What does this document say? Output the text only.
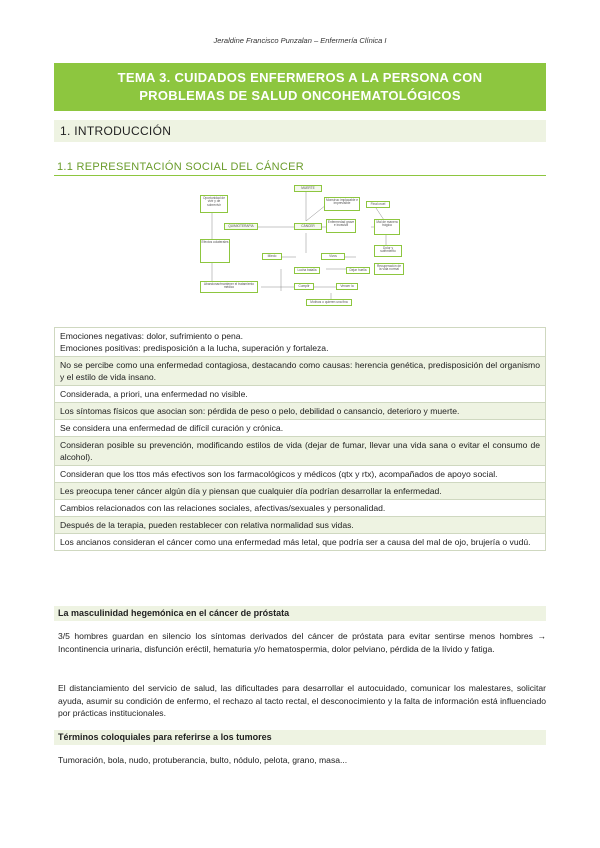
Jeraldine Francisco Punzalan – Enfermería Clínica I
TEMA 3. CUIDADOS ENFERMEROS A LA PERSONA CON
PROBLEMAS DE SALUD ONCOHEMATOLÓGICOS
1. INTRODUCCIÓN
1.1 REPRESENTACIÓN SOCIAL DEL CÁNCER
MUERTE
Oportunidad de vivir y de sobrevivir
QUIMIOTERAPIA	CÁNCER
Monstruo implacable e imprevisible	Final cruel
Enfermedad grave e invasiva
Mal de manera trágica
Efectos colaterales
Miedo	Vivos
Dolor y sufrimiento
Recuperación de la vida normal
Lucha batalla	Dejar huella
Abandonar/mantener el tratamiento médico	Cumplir	Vencer la
Motivos o quieren una fina
Emociones negativas: dolor, sufrimiento o pena.
Emociones positivas: predisposición a la lucha, superación y fortaleza.
No se percibe como una enfermedad contagiosa, destacando como causas: herencia genética, predisposición del organismo y el estilo de vida insano.
Considerada, a priori, una enfermedad no visible.
Los síntomas físicos que asocian son: pérdida de peso o pelo, debilidad o cansancio, deterioro y muerte.
Se considera una enfermedad de difícil curación y crónica.
Consideran posible su prevención, modificando estilos de vida (dejar de fumar, llevar una vida sana o evitar el consumo de alcohol).
Consideran que los ttos más efectivos son los farmacológicos y médicos (qtx y rtx), acompañados de apoyo social.
Les preocupa tener cáncer algún día y piensan que cualquier día podrían desarrollar la enfermedad.
Cambios relacionados con las relaciones sociales, afectivas/sexuales y personalidad.
Después de la terapia, pueden restablecer con relativa normalidad sus vidas.
Los ancianos consideran el cáncer como una enfermedad más letal, que podría ser a causa del mal de ojo, brujería o vudú.
La masculinidad hegemónica en el cáncer de próstata
3/5 hombres guardan en silencio los síntomas derivados del cáncer de próstata para evitar sentirse menos hombres → Incontinencia urinaria, disfunción eréctil, hematuria y/o hematospermia, dolor pelviano, pérdida de la lívido y fatiga.
El distanciamiento del servicio de salud, las dificultades para desarrollar el autocuidado, comunicar los malestares, solicitar ayuda, asumir su condición de enfermo, el rechazo al tacto rectal, el desconocimiento y la falta de información está influenciado por prácticas institucionales.
Términos coloquiales para referirse a los tumores
Tumoración, bola, nudo, protuberancia, bulto, nódulo, pelota, grano, masa...
